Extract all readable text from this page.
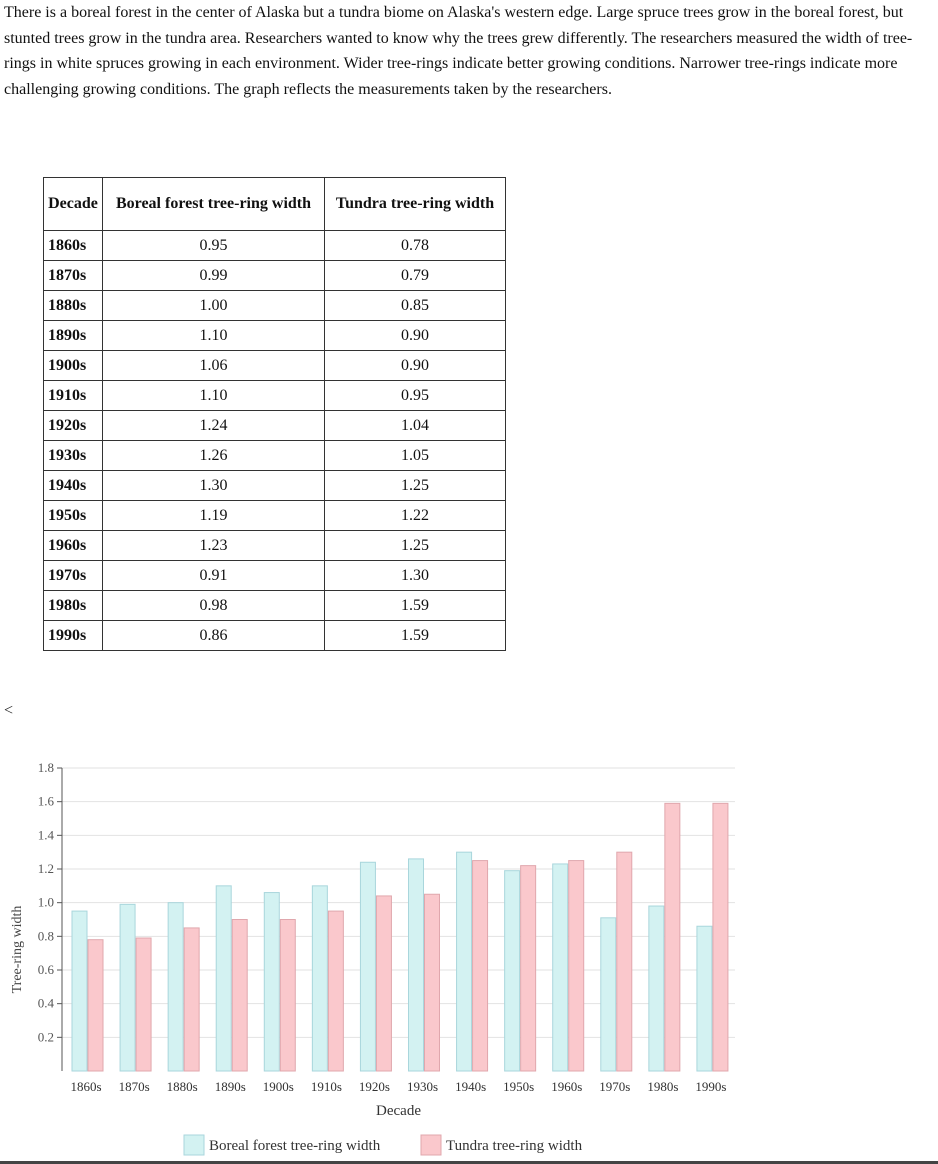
There is a boreal forest in the center of Alaska but a tundra biome on Alaska's western edge. Large spruce trees grow in the boreal forest, but stunted trees grow in the tundra area. Researchers wanted to know why the trees grew differently. The researchers measured the width of tree-rings in white spruces growing in each environment. Wider tree-rings indicate better growing conditions. Narrower tree-rings indicate more challenging growing conditions. The graph reflects the measurements taken by the researchers.

Decade	Boreal forest tree-ring width	Tundra tree-ring width
1860s	0.95	0.78
1870s	0.99	0.79
1880s	1.00	0.85
1890s	1.10	0.90
1900s	1.06	0.90
1910s	1.10	0.95
1920s	1.24	1.04
1930s	1.26	1.05
1940s	1.30	1.25
1950s	1.19	1.22
1960s	1.23	1.25
1970s	0.91	1.30
1980s	0.98	1.59
1990s	0.86	1.59
<
0.2
0.4
0.6
0.8
1.0
1.2
1.4
1.6
1.8
Tree-ring width
1860s 1870s 1880s 1890s 1900s 1910s 1920s 1930s 1940s 1950s 1960s 1970s 1980s 1990s
Decade
Boreal forest tree-ring width	Tundra tree-ring width
